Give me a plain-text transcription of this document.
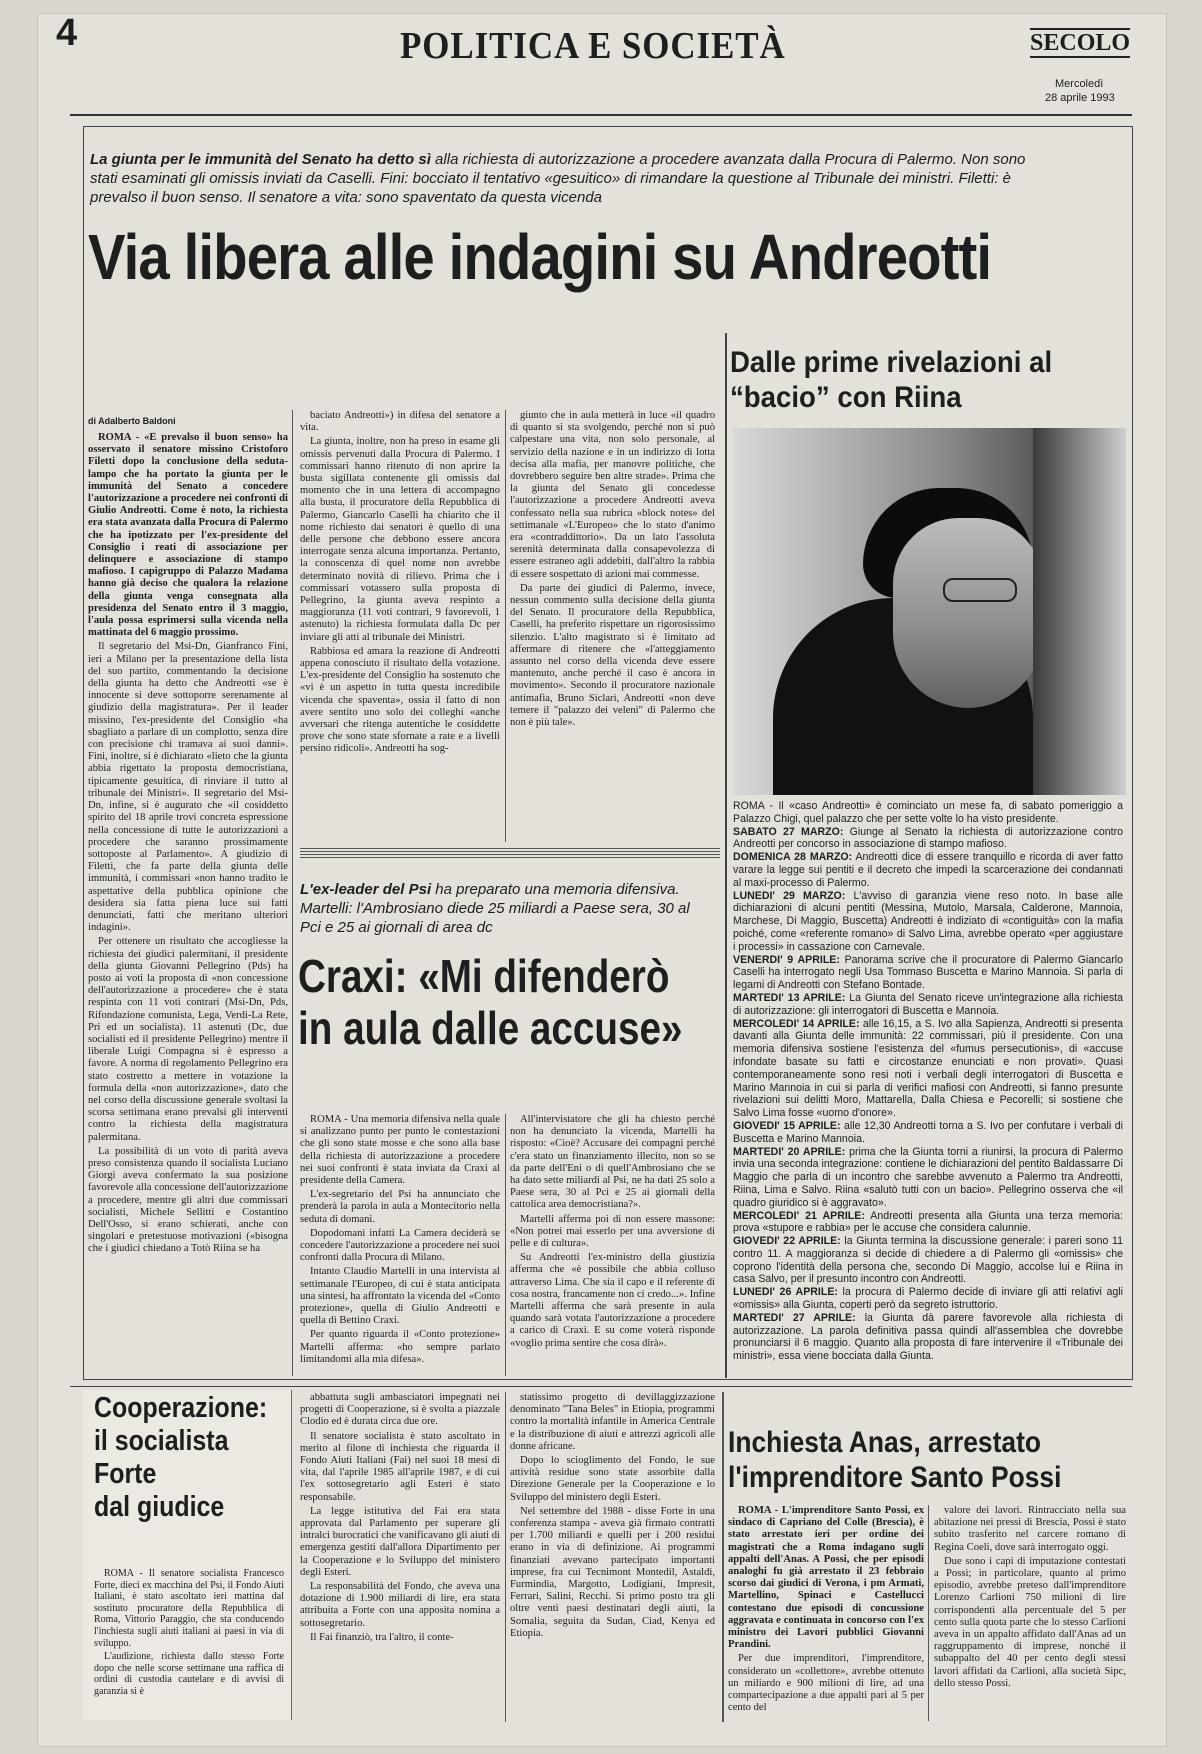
4	POLITICA E SOCIETÀ	SECOLO
Mercoledì
28 aprile 1993
La giunta per le immunità del Senato ha detto sì alla richiesta di autorizzazione a procedere avanzata dalla Procura di Palermo. Non sono stati esaminati gli omissis inviati da Caselli. Fini: bocciato il tentativo «gesuitico» di rimandare la questione al Tribunale dei ministri. Filetti: è prevalso il buon senso. Il senatore a vita: sono spaventato da questa vicenda
Via libera alle indagini su Andreotti
di Adalberto Baldoni

ROMA - «È prevalso il buon senso» ha osservato il senatore missino Cristoforo Filetti dopo la conclusione della seduta-lampo che ha portato la giunta per le immunità del Senato a concedere l'autorizzazione a procedere nei confronti di Giulio Andreotti. Come è noto, la richiesta era stata avanzata dalla Procura di Palermo che ha ipotizzato per l'ex-presidente del Consiglio i reati di associazione per delinquere e associazione di stampo mafioso. I capigruppo di Palazzo Madama hanno già deciso che qualora la relazione della giunta venga consegnata alla presidenza del Senato entro il 3 maggio, l'aula possa esprimersi sulla vicenda nella mattinata del 6 maggio prossimo.

Il segretario del Msi-Dn, Gianfranco Fini, ieri a Milano per la presentazione della lista del suo partito, commentando la decisione della giunta ha detto che Andreotti «se è innocente si deve sottoporre serenamente al giudizio della magistratura». Per il leader missino, l'ex-presidente del Consiglio «ha sbagliato a parlare di un complotto, senza dire con precisione chi tramava ai suoi danni». Fini, inoltre, si è dichiarato «lieto che la giunta abbia rigettato la proposta democristiana, tipicamente gesuitica, di rinviare il tutto al tribunale dei Ministri». Il segretario del Msi-Dn, infine, si è augurato che «il cosiddetto spirito del 18 aprile trovi concreta espressione nella concessione di tutte le autorizzazioni a procedere che saranno prossimamente sottoposte al Parlamento». A giudizio di Filetti, che fa parte della giunta delle immunità, i commissari «non hanno tradito le aspettative della pubblica opinione che desidera sia fatta piena luce sui fatti denunciati, fatti che meritano ulteriori indagini».

Per ottenere un risultato che accogliesse la richiesta dei giudici palermitani, il presidente della giunta Giovanni Pellegrino (Pds) ha posto ai voti la proposta di «non concessione dell'autorizzazione a procedere» che è stata respinta con 11 voti contrari (Msi-Dn, Pds, Rifondazione comunista, Lega, Verdi-La Rete, Pri ed un socialista). 11 astenuti (Dc, due socialisti ed il presidente Pellegrino) mentre il liberale Luigi Compagna si è espresso a favore. A norma di regolamento Pellegrino era stato costretto a mettere in votazione la formula della «non autorizzazione», dato che nel corso della discussione generale svoltasi la scorsa settimana erano prevalsi gli interventi contro la richiesta della magistratura palermitana.

La possibilità di un voto di parità aveva preso consistenza quando il socialista Luciano Giorgi aveva confermato la sua posizione favorevole alla concessione dell'autorizzazione a procedere, mentre gli altri due commissari socialisti, Michele Sellitti e Costantino Dell'Osso, si erano schierati, anche con singolari e pretestuose motivazioni («bisogna che i giudici chiedano a Totò Riina se ha

baciato Andreotti») in difesa del senatore a vita.

La giunta, inoltre, non ha preso in esame gli omissis pervenuti dalla Procura di Palermo. I commissari hanno ritenuto di non aprire la busta sigillata contenente gli omissis dal momento che in una lettera di accompagno alla busta, il procuratore della Repubblica di Palermo, Giancarlo Caselli ha chiarito che il nome richiesto dai senatori è quello di una delle persone che debbono essere ancora interrogate senza alcuna importanza. Pertanto, la conoscenza di quel nome non avrebbe determinato novità di rilievo. Prima che i commissari votassero sulla proposta di Pellegrino, la giunta aveva respinto a maggioranza (11 voti contrari, 9 favorevoli, 1 astenuto) la richiesta formulata dalla Dc per inviare gli atti al tribunale dei Ministri.

Rabbiosa ed amara la reazione di Andreotti appena conosciuto il risultato della votazione. L'ex-presidente del Consiglio ha sostenuto che «vi è un aspetto in tutta questa incredibile vicenda che spaventa», ossia il fatto di non avere sentito uno solo dei colleghi «anche avversari che ritenga autentiche le cosiddette prove che sono state sfornate a rate e a livelli persino ridicoli». Andreotti ha sog-

giunto che in aula metterà in luce «il quadro di quanto si sta svolgendo, perché non si può calpestare una vita, non solo personale, al servizio della nazione e in un indirizzo di lotta decisa alla mafia, per manovre politiche, che dovrebbero seguire ben altre strade». Prima che la giunta del Senato gli concedesse l'autorizzazione a procedere Andreotti aveva confessato nella sua rubrica «block notes» del settimanale «L'Europeo» che lo stato d'animo era «contraddittorio». Da un lato l'assoluta serenità determinata dalla consapevolezza di essere estraneo agli addebiti, dall'altro la rabbia di essere sospettato di azioni mai commesse.

Da parte dei giudici di Palermo, invece, nessun commento sulla decisione della giunta del Senato. Il procuratore della Repubblica, Caselli, ha preferito rispettare un rigorosissimo silenzio. L'alto magistrato si è limitato ad affermare di ritenere che «l'atteggiamento assunto nel corso della vicenda deve essere mantenuto, anche perché il caso è ancora in movimento». Secondo il procuratore nazionale antimafia, Bruno Siclari, Andreotti «non deve temere il "palazzo dei veleni" di Palermo che non è più tale».

Dalle prime rivelazioni al “bacio” con Riina

ROMA - Il «caso Andreotti» è cominciato un mese fa, di sabato pomeriggio a Palazzo Chigi, quel palazzo che per sette volte lo ha visto presidente.

SABATO 27 MARZO: Giunge al Senato la richiesta di autorizzazione contro Andreotti per concorso in associazione di stampo mafioso.

DOMENICA 28 MARZO: Andreotti dice di essere tranquillo e ricorda di aver fatto varare la legge sui pentiti e il decreto che impedì la scarcerazione dei condannati al maxi-processo di Palermo.

LUNEDI' 29 MARZO: L'avviso di garanzia viene reso noto. In base alle dichiarazioni di alcuni pentiti (Messina, Mutolo, Marsala, Calderone, Mannoia, Marchese, Di Maggio, Buscetta) Andreotti è indiziato di «contiguità» con la mafia poiché, come «referente romano» di Salvo Lima, avrebbe operato «per aggiustare i processi» in cassazione con Carnevale.

VENERDI' 9 APRILE: Panorama scrive che il procuratore di Palermo Giancarlo Caselli ha interrogato negli Usa Tommaso Buscetta e Marino Mannoia. Si parla di legami di Andreotti con Stefano Bontade.

MARTEDI' 13 APRILE: La Giunta del Senato riceve un'integrazione alla richiesta di autorizzazione: gli interrogatori di Buscetta e Mannoia.

MERCOLEDI' 14 APRILE: alle 16,15, a S. Ivo alla Sapienza, Andreotti si presenta davanti alla Giunta delle immunità: 22 commissari, più il presidente. Con una memoria difensiva sostiene l'esistenza del «fumus persecutionis», di «accuse infondate basate su fatti e circostanze enunciati e non provati». Quasi contemporaneamente sono resi noti i verbali degli interrogatori di Buscetta e Marino Mannoia in cui si parla di verifici mafiosi con Andreotti, si fanno presunte rivelazioni sui delitti Moro, Mattarella, Dalla Chiesa e Pecorelli; si sostiene che Salvo Lima fosse «uomo d'onore».

GIOVEDI' 15 APRILE: alle 12,30 Andreotti torna a S. Ivo per confutare i verbali di Buscetta e Marino Mannoia.

MARTEDI' 20 APRILE: prima che la Giunta torni a riunirsi, la procura di Palermo invia una seconda integrazione: contiene le dichiarazioni del pentito Baldassarre Di Maggio che parla di un incontro che sarebbe avvenuto a Palermo tra Andreotti, Riina, Lima e Salvo. Riina «salutò tutti con un bacio». Pellegrino osserva che «il quadro giuridico si è aggravato».

MERCOLEDI' 21 APRILE: Andreotti presenta alla Giunta una terza memoria: prova «stupore e rabbia» per le accuse che considera calunnie.

GIOVEDI' 22 APRILE: la Giunta termina la discussione generale: i pareri sono 11 contro 11. A maggioranza si decide di chiedere a di Palermo gli «omissis» che coprono l'identità della persona che, secondo Di Maggio, accolse lui e Riina in casa Salvo, per il presunto incontro con Andreotti.

LUNEDI' 26 APRILE: la procura di Palermo decide di inviare gli atti relativi agli «omissis» alla Giunta, coperti però da segreto istruttorio.

MARTEDI' 27 APRILE: la Giunta dà parere favorevole alla richiesta di autorizzazione. La parola definitiva passa quindi all'assemblea che dovrebbe pronunciarsi il 6 maggio. Quanto alla proposta di fare intervenire il «Tribunale dei ministri», essa viene bocciata dalla Giunta.

L'ex-leader del Psi ha preparato una memoria difensiva. Martelli: l'Ambrosiano diede 25 miliardi a Paese sera, 30 al Pci e 25 ai giornali di area dc
Craxi: «Mi difenderò
in aula dalle accuse»

ROMA - Una memoria difensiva nella quale si analizzano punto per punto le contestazioni che gli sono state mosse e che sono alla base della richiesta di autorizzazione a procedere nei suoi confronti è stata inviata da Craxi al presidente della Camera.

L'ex-segretario del Psi ha annunciato che prenderà la parola in aula a Montecitorio nella seduta di domani.

Dopodomani infatti La Camera deciderà se concedere l'autorizzazione a procedere nei suoi confronti dalla Procura di Milano.

Intanto Claudio Martelli in una intervista al settimanale l'Europeo, di cui è stata anticipata una sintesi, ha affrontato la vicenda del «Conto protezione», quella di Giulio Andreotti e quella di Bettino Craxi.

Per quanto riguarda il «Conto protezione» Martelli afferma: «ho sempre parlato limitandomi alla mia difesa».

All'intervistatore che gli ha chiesto perché non ha denunciato la vicenda, Martelli ha risposto: «Cioè? Accusare dei compagni perché c'era stato un finanziamento illecito, non so se da parte dell'Eni o di quell'Ambrosiano che se ha dato sette miliardi al Psi, ne ha dati 25 solo a Paese sera, 30 al Pci e 25 ai giornali della cattolica area democristiana?».

Martelli afferma poi di non essere massone: «Non potrei mai esserlo per una avversione di pelle e di cultura».

Su Andreotti l'ex-ministro della giustizia afferma che «è possibile che abbia colluso attraverso Lima. Che sia il capo e il referente di cosa nostra, francamente non ci credo...». Infine Martelli afferma che sarà presente in aula quando sarà votata l'autorizzazione a procedere a carico di Craxi. E su come voterà risponde «voglio prima sentire che cosa dirà».

Cooperazione:
il socialista
Forte
dal giudice

ROMA - Il senatore socialista Francesco Forte, dieci ex macchina del Psi, il Fondo Aiuti Italiani, è stato ascoltato ieri mattina dal sostituto procuratore della Repubblica di Roma, Vittorio Paraggio, che sta conducendo l'inchiesta sugli aiuti italiani ai paesi in via di sviluppo.

L'audizione, richiesta dallo stesso Forte dopo che nelle scorse settimane una raffica di ordini di custodia cautelare e di avvisi di garanzia si è

abbattuta sugli ambasciatori impegnati nei progetti di Cooperazione, si è svolta a piazzale Clodio ed è durata circa due ore.

Il senatore socialista è stato ascoltato in merito al filone di inchiesta che riguarda il Fondo Aiuti Italiani (Fai) nel suoi 18 mesi di vita, dal l'aprile 1985 all'aprile 1987, e di cui l'ex sottosegretario agli Esteri è stato responsabile.

La legge istitutiva del Fai era stata approvata dal Parlamento per superare gli intralci burocratici che vanificavano gli aiuti di emergenza gestiti dall'allora Dipartimento per la Cooperazione e lo Sviluppo del ministero degli Esteri.

La responsabilità del Fondo, che aveva una dotazione di 1.900 miliardi di lire, era stata attribuita a Forte con una apposita nomina a sottosegretario.

Il Fai finanziò, tra l'altro, il conte-

statissimo progetto di devillaggizzazione denominato "Tana Beles" in Etiopia, programmi contro la mortalità infantile in America Centrale e la distribuzione di aiuti e attrezzi agricoli alle donne africane.

Dopo lo scioglimento del Fondo, le sue attività residue sono state assorbite dalla Direzione Generale per la Cooperazione e lo Sviluppo del ministero degli Esteri.

Nel settembre del 1988 - disse Forte in una conferenza stampa - aveva già firmato contratti per 1.700 miliardi e quelli per i 200 residui erano in via di definizione. Ai programmi finanziati avevano partecipato importanti imprese, fra cui Tecnimont Montedil, Astaldi, Furmindia, Margotto, Lodigiani, Impresit, Ferrari, Salini, Recchi. Si primo posto tra gli oltre venti paesi destinatari degli aiuti, la Somalia, seguita da Sudan, Ciad, Kenya ed Etiopia.

Inchiesta Anas, arrestato
l'imprenditore Santo Possi

ROMA - L'imprenditore Santo Possi, ex sindaco di Capriano del Colle (Brescia), è stato arrestato ieri per ordine dei magistrati che a Roma indagano sugli appalti dell'Anas. A Possi, che per episodi analoghi fu già arrestato il 23 febbraio scorso dai giudici di Verona, i pm Armati, Martellino, Spinaci e Castellucci contestano due episodi di concussione aggravata e continuata in concorso con l'ex ministro dei Lavori pubblici Giovanni Prandini.

Per due imprenditori, l'imprenditore, considerato un «collettore», avrebbe ottenuto un miliardo e 900 milioni di lire, ad una compartecipazione a due appalti pari al 5 per cento del

valore dei lavori. Rintracciato nella sua abitazione nei pressi di Brescia, Possi è stato subito trasferito nel carcere romano di Regina Coeli, dove sarà interrogato oggi.

Due sono i capi di imputazione contestati a Possi; in particolare, quanto al primo episodio, avrebbe preteso dall'imprenditore Lorenzo Carlioni 750 milioni di lire corrispondenti alla percentuale del 5 per cento sulla quota parte che lo stesso Carlioni aveva in un appalto affidato dall'Anas ad un raggruppamento di imprese, nonché il subappalto del 40 per cento degli stessi lavori affidati da Carlioni, alla società Sipc, dello stesso Possi.
